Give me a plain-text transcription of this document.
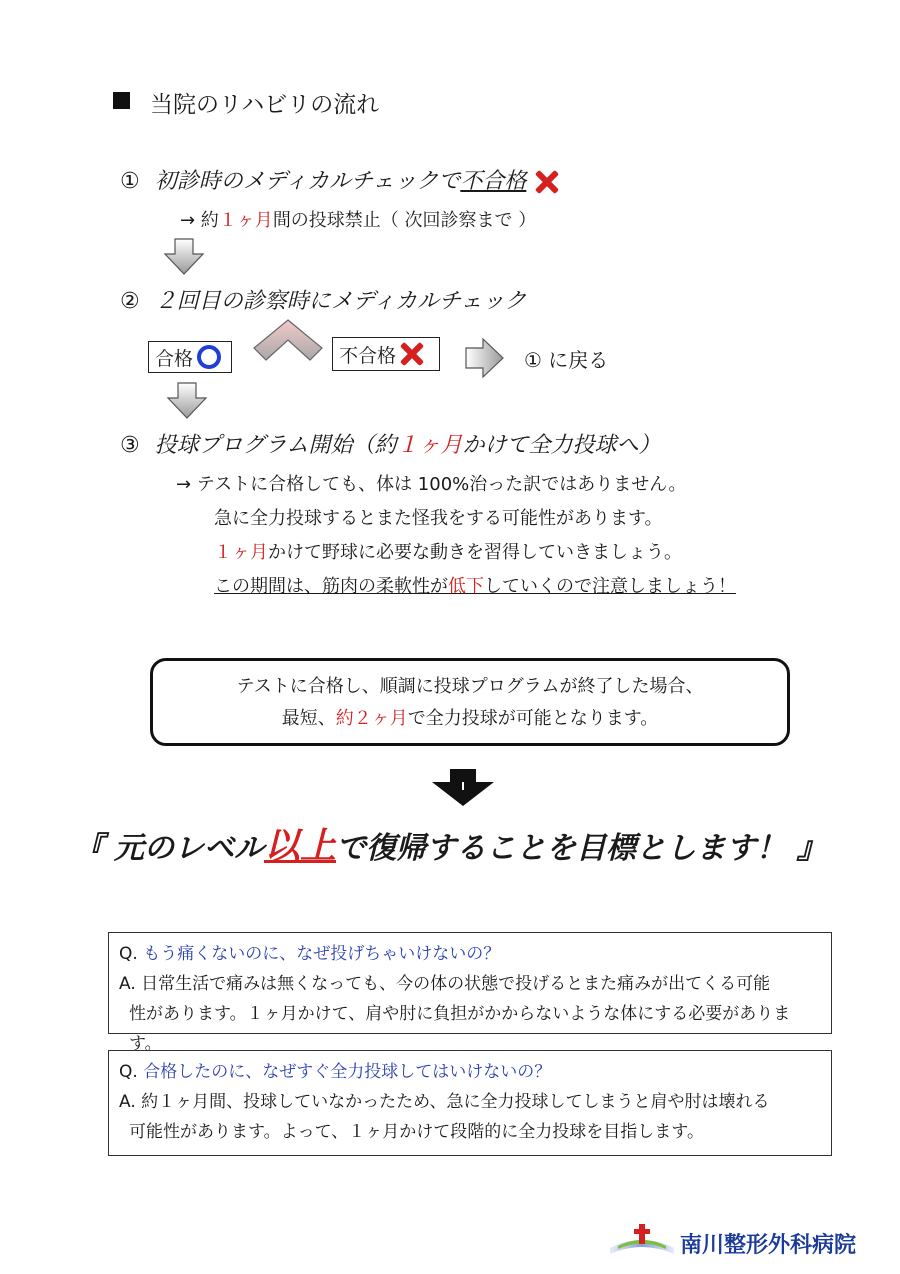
当院のリハビリの流れ
① 初診時のメディカルチェックで不合格
→ 約１ヶ月間の投球禁止（ 次回診察まで ）
② ２回目の診察時にメディカルチェック
合格	不合格	① に戻る
③ 投球プログラム開始（約１ヶ月かけて全力投球へ）
→ テストに合格しても、体は 100%治った訳ではありません。
急に全力投球するとまた怪我をする可能性があります。
１ヶ月かけて野球に必要な動きを習得していきましょう。
この期間は、筋肉の柔軟性が低下していくので注意しましょう！
テストに合格し、順調に投球プログラムが終了した場合、
最短、約２ヶ月で全力投球が可能となります。
『 元のレベル以上で復帰することを目標とします！ 』
Q. もう痛くないのに、なぜ投げちゃいけないの？
A. 日常生活で痛みは無くなっても、今の体の状態で投げるとまた痛みが出てくる可能
性があります。１ヶ月かけて、肩や肘に負担がかからないような体にする必要があります。
Q. 合格したのに、なぜすぐ全力投球してはいけないの？
A. 約１ヶ月間、投球していなかったため、急に全力投球してしまうと肩や肘は壊れる
可能性があります。よって、１ヶ月かけて段階的に全力投球を目指します。
南川整形外科病院
